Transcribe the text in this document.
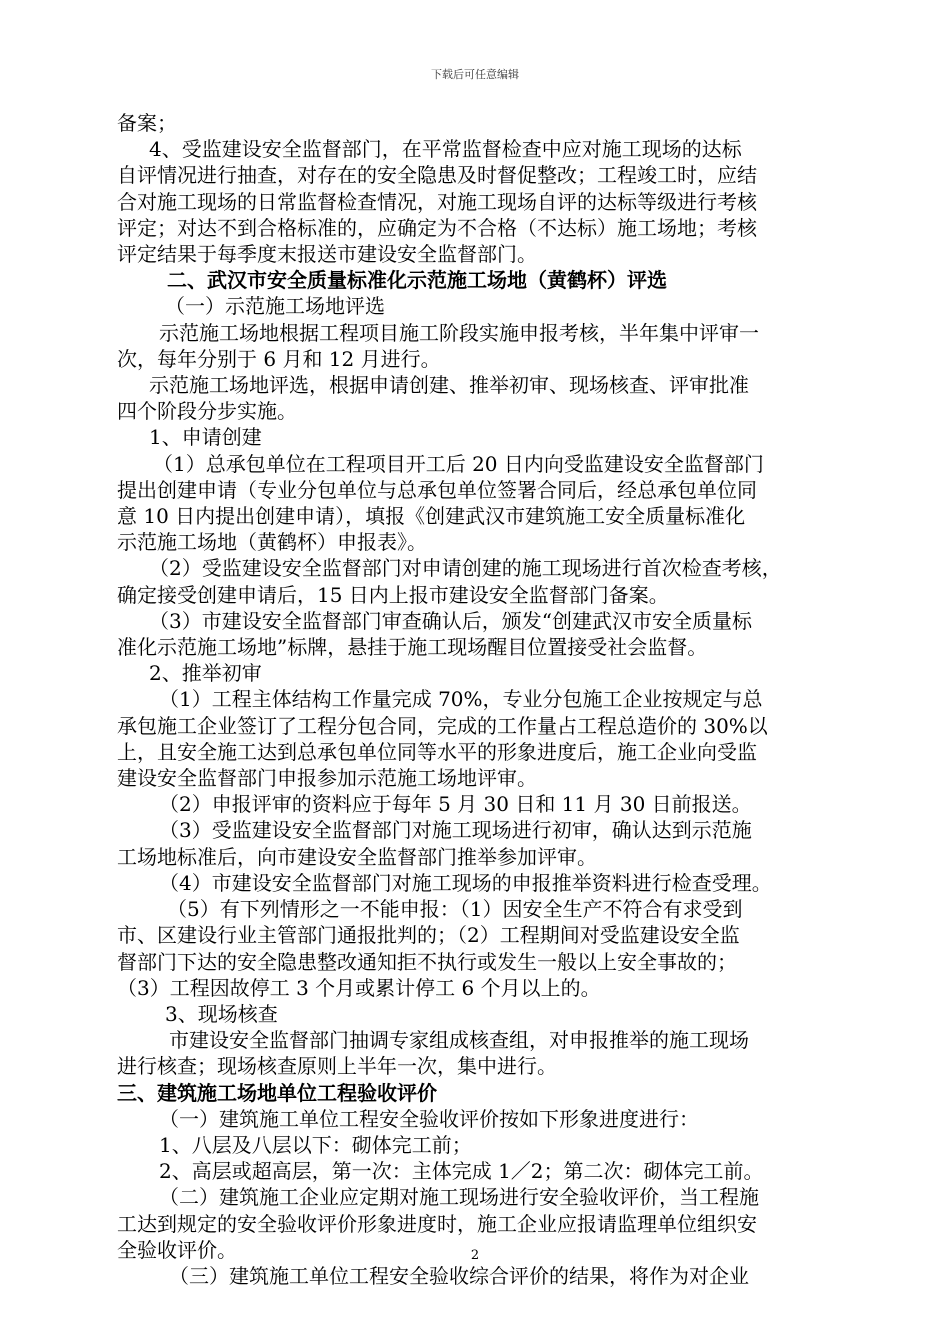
下载后可任意编辑

备案；

4、受监建设安全监督部门，在平常监督检查中应对施工现场的达标

自评情况进行抽查，对存在的安全隐患及时督促整改；工程竣工时，应结

合对施工现场的日常监督检查情况，对施工现场自评的达标等级进行考核

评定；对达不到合格标准的，应确定为不合格（不达标）施工场地；考核

评定结果于每季度末报送市建设安全监督部门。

二、武汉市安全质量标准化示范施工场地（黄鹤杯）评选

（一）示范施工场地评选

示范施工场地根据工程项目施工阶段实施申报考核，半年集中评审一

次，每年分别于 6 月和 12 月进行。

示范施工场地评选，根据申请创建、推举初审、现场核查、评审批准

四个阶段分步实施。

1、申请创建

（1）总承包单位在工程项目开工后 20 日内向受监建设安全监督部门

提出创建申请（专业分包单位与总承包单位签署合同后，经总承包单位同

意 10 日内提出创建申请），填报《创建武汉市建筑施工安全质量标准化

示范施工场地（黄鹤杯）申报表》。

（2）受监建设安全监督部门对申请创建的施工现场进行首次检查考核，

确定接受创建申请后，15 日内上报市建设安全监督部门备案。

（3）市建设安全监督部门审查确认后，颁发“创建武汉市安全质量标

准化示范施工场地”标牌，悬挂于施工现场醒目位置接受社会监督。

2、推举初审

（1）工程主体结构工作量完成 70%，专业分包施工企业按规定与总

承包施工企业签订了工程分包合同，完成的工作量占工程总造价的 30%以

上，且安全施工达到总承包单位同等水平的形象进度后，施工企业向受监

建设安全监督部门申报参加示范施工场地评审。

（2）申报评审的资料应于每年 5 月 30 日和 11 月 30 日前报送。

（3）受监建设安全监督部门对施工现场进行初审，确认达到示范施

工场地标准后，向市建设安全监督部门推举参加评审。

（4）市建设安全监督部门对施工现场的申报推举资料进行检查受理。

（5）有下列情形之一不能申报：（1）因安全生产不符合有求受到

市、区建设行业主管部门通报批判的；（2）工程期间对受监建设安全监

督部门下达的安全隐患整改通知拒不执行或发生一般以上安全事故的；

（3）工程因故停工 3 个月或累计停工 6 个月以上的。

3、现场核查

市建设安全监督部门抽调专家组成核查组，对申报推举的施工现场

进行核查；现场核查原则上半年一次，集中进行。

三、建筑施工场地单位工程验收评价

（一）建筑施工单位工程安全验收评价按如下形象进度进行：

1、八层及八层以下：砌体完工前；

2、高层或超高层，第一次：主体完成 1／2；第二次：砌体完工前。

（二）建筑施工企业应定期对施工现场进行安全验收评价，当工程施

工达到规定的安全验收评价形象进度时，施工企业应报请监理单位组织安

全验收评价。

（三）建筑施工单位工程安全验收综合评价的结果，将作为对企业

2
